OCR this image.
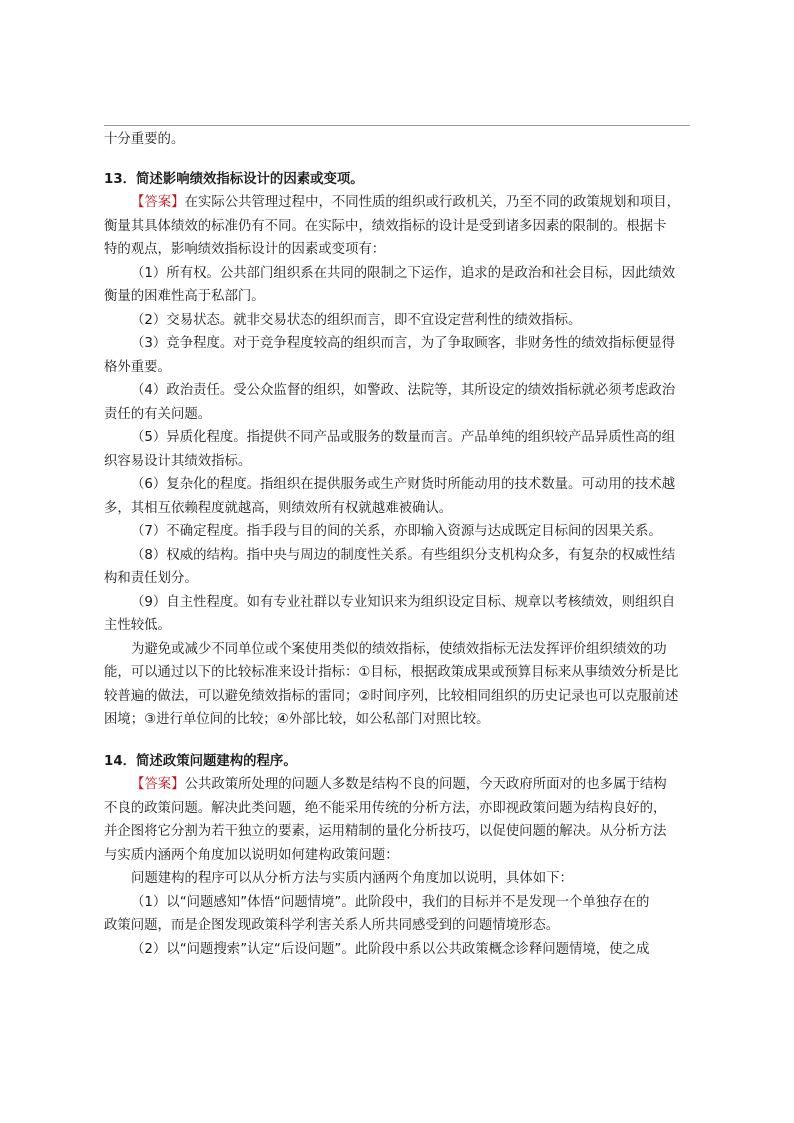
十分重要的。

13．简述影响绩效指标设计的因素或变项。

【答案】在实际公共管理过程中，不同性质的组织或行政机关，乃至不同的政策规划和项目，

衡量其具体绩效的标准仍有不同。在实际中，绩效指标的设计是受到诸多因素的限制的。根据卡

特的观点，影响绩效指标设计的因素或变项有：

（1）所有权。公共部门组织系在共同的限制之下运作，追求的是政治和社会目标，因此绩效

衡量的困难性高于私部门。

（2）交易状态。就非交易状态的组织而言，即不宜设定营利性的绩效指标。

（3）竞争程度。对于竞争程度较高的组织而言，为了争取顾客，非财务性的绩效指标便显得

格外重要。

（4）政治责任。受公众监督的组织，如警政、法院等，其所设定的绩效指标就必须考虑政治

责任的有关问题。

（5）异质化程度。指提供不同产品或服务的数量而言。产品单纯的组织较产品异质性高的组

织容易设计其绩效指标。

（6）复杂化的程度。指组织在提供服务或生产财货时所能动用的技术数量。可动用的技术越

多，其相互依赖程度就越高，则绩效所有权就越难被确认。

（7）不确定程度。指手段与目的间的关系，亦即输入资源与达成既定目标间的因果关系。

（8）权威的结构。指中央与周边的制度性关系。有些组织分支机构众多，有复杂的权威性结

构和责任划分。

（9）自主性程度。如有专业社群以专业知识来为组织设定目标、规章以考核绩效，则组织自

主性较低。

为避免或减少不同单位或个案使用类似的绩效指标，使绩效指标无法发挥评价组织绩效的功

能，可以通过以下的比较标准来设计指标：①目标，根据政策成果或预算目标来从事绩效分析是比

较普遍的做法，可以避免绩效指标的雷同；②时间序列，比较相同组织的历史记录也可以克服前述

困境；③进行单位间的比较；④外部比较，如公私部门对照比较。

14．简述政策问题建构的程序。

【答案】公共政策所处理的问题人多数是结构不良的问题，今天政府所面对的也多属于结构

不良的政策问题。解决此类问题，绝不能采用传统的分析方法，亦即视政策问题为结构良好的，

并企图将它分割为若干独立的要素，运用精制的量化分析技巧，以促使问题的解决。从分析方法

与实质内涵两个角度加以说明如何建构政策问题：

问题建构的程序可以从分析方法与实质内涵两个角度加以说明，具体如下：

（1）以“问题感知”体悟“问题情境”。此阶段中，我们的目标并不是发现一个单独存在的

政策问题，而是企图发现政策科学利害关系人所共同感受到的问题情境形态。

（2）以“问题搜索”认定“后设问题”。此阶段中系以公共政策概念诊释问题情境，使之成
